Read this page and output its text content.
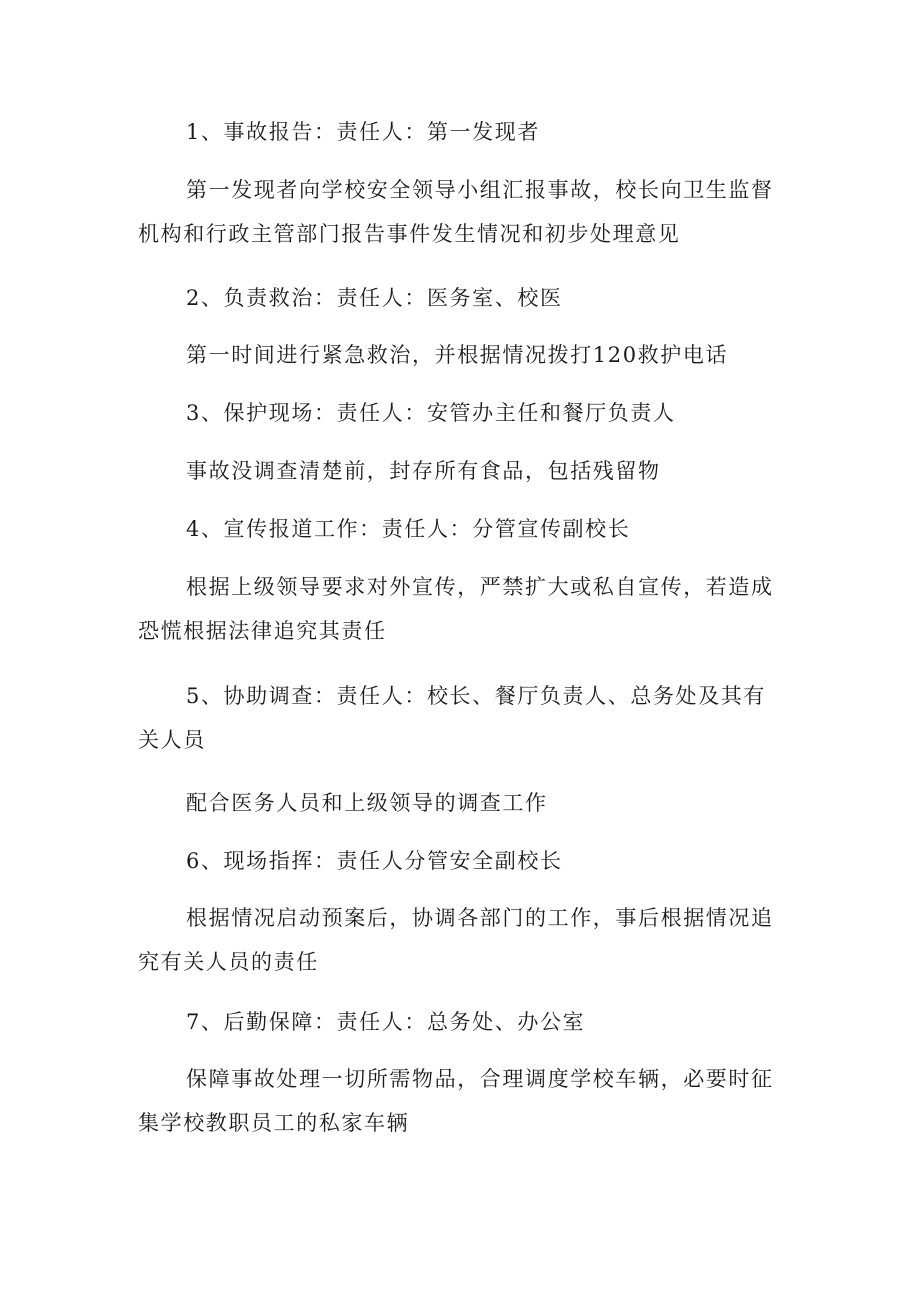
1、事故报告：责任人：第一发现者

第一发现者向学校安全领导小组汇报事故，校长向卫生监督机构和行政主管部门报告事件发生情况和初步处理意见

2、负责救治：责任人：医务室、校医

第一时间进行紧急救治，并根据情况拨打120救护电话

3、保护现场：责任人：安管办主任和餐厅负责人

事故没调查清楚前，封存所有食品，包括残留物

4、宣传报道工作：责任人：分管宣传副校长

根据上级领导要求对外宣传，严禁扩大或私自宣传，若造成恐慌根据法律追究其责任

5、协助调查：责任人：校长、餐厅负责人、总务处及其有关人员

配合医务人员和上级领导的调查工作

6、现场指挥：责任人分管安全副校长

根据情况启动预案后，协调各部门的工作，事后根据情况追究有关人员的责任

7、后勤保障：责任人：总务处、办公室

保障事故处理一切所需物品，合理调度学校车辆，必要时征集学校教职员工的私家车辆
